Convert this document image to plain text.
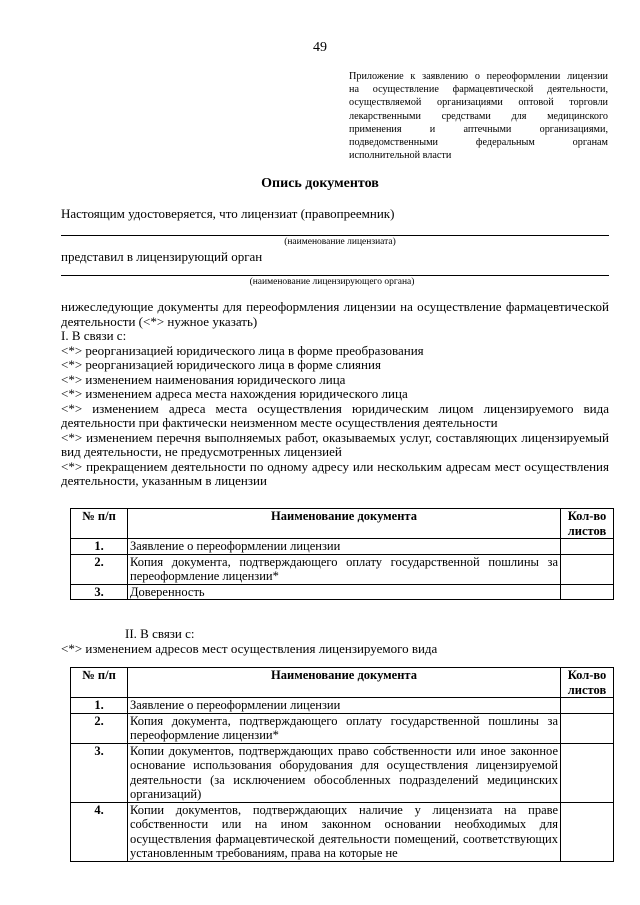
49
Приложение к заявлению о переоформлении лицензии
на осуществление фармацевтической деятельности,
осуществляемой организациями оптовой торговли
лекарственными средствами для медицинского
применения и аптечными организациями,
подведомственными федеральным органам
исполнительной власти
Опись документов
Настоящим удостоверяется, что лицензиат (правопреемник)
(наименование лицензиата)
представил в лицензирующий орган
(наименование лицензирующего органа)

нижеследующие документы для переоформления лицензии на осуществление фармацевтической

деятельности (<*> нужное указать)

I. В связи с:

<*> реорганизацией юридического лица в форме преобразования

<*> реорганизацией юридического лица в форме слияния

<*> изменением наименования юридического лица

<*> изменением адреса места нахождения юридического лица

<*> изменением адреса места осуществления юридическим лицом лицензируемого вида деятельности при фактически неизменном месте осуществления деятельности

<*> изменением перечня выполняемых работ, оказываемых услуг, составляющих лицензируемый вид деятельности, не предусмотренных лицензией

<*> прекращением деятельности по одному адресу или нескольким адресам мест осуществления деятельности, указанным в лицензии

№ п/п	Наименование документа	Кол-во листов
1.	Заявление о переоформлении лицензии	
2.	Копия документа, подтверждающего оплату государственной пошлины за переоформление лицензии*	
3.	Доверенность	
II. В связи с:
<*> изменением адресов мест осуществления лицензируемого вида
№ п/п	Наименование документа	Кол-во листов
1.	Заявление о переоформлении лицензии	
2.	Копия документа, подтверждающего оплату государственной пошлины за переоформление лицензии*	
3.	Копии документов, подтверждающих право собственности или иное законное основание использования оборудования для осуществления лицензируемой деятельности (за исключением обособленных подразделений медицинских организаций)	
4.	Копии документов, подтверждающих наличие у лицензиата на праве собственности или на ином законном основании необходимых для осуществления фармацевтической деятельности помещений, соответствующих установленным требованиям, права на которые не	
